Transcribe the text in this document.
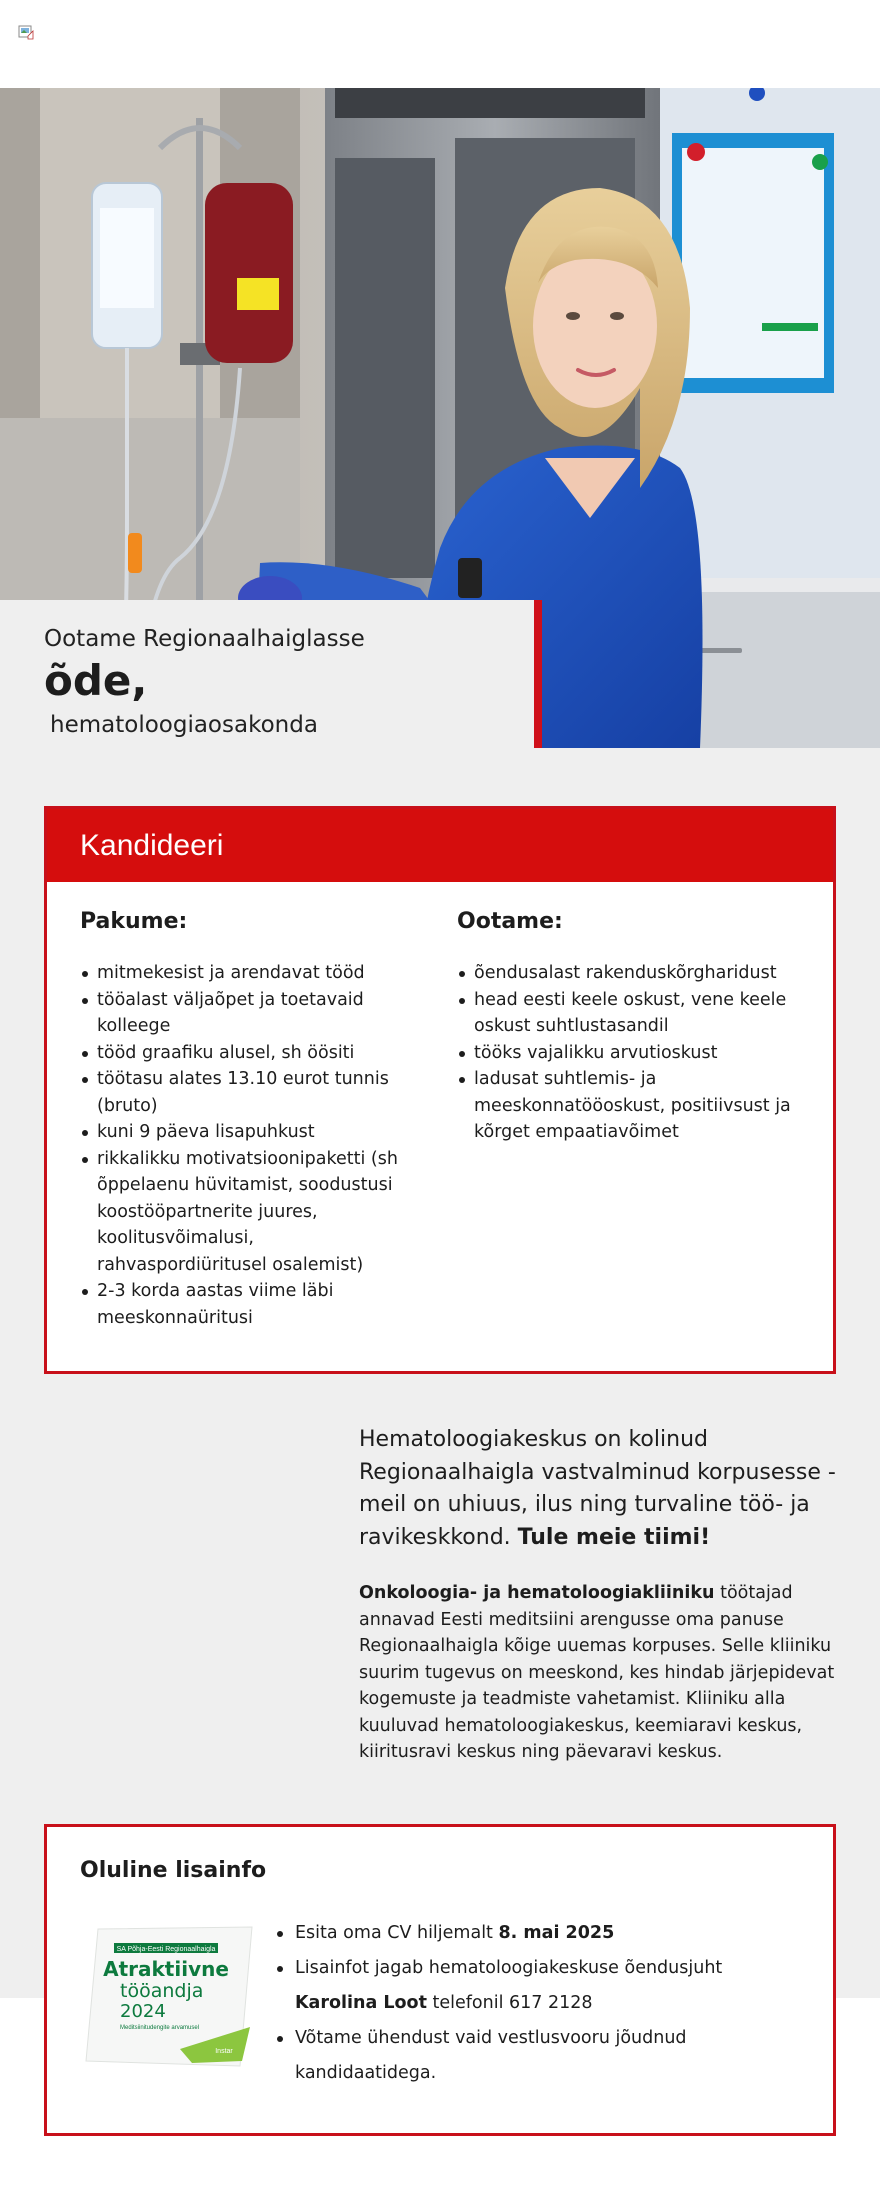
Ootame Regionaalhaiglasse
õde,
hematoloogiaosakonda
Kandideeri
Pakume:
mitmekesist ja arendavat tööd
tööalast väljaõpet ja toetavaid kolleege
tööd graafiku alusel, sh öösiti
töötasu alates 13.10 eurot tunnis (bruto)
kuni 9 päeva lisapuhkust
rikkalikku motivatsioonipaketti (sh õppelaenu hüvitamist, soodustusi koostööpartnerite juures, koolitusvõimalusi, rahvaspordiüritusel osalemist)
2-3 korda aastas viime läbi meeskonnaüritusi
Ootame:
õendusalast rakenduskõrgharidust
head eesti keele oskust, vene keele oskust suhtlustasandil
tööks vajalikku arvutioskust
ladusat suhtlemis- ja meeskonnatööoskust, positiivsust ja kõrget empaatiavõimet

Hematoloogiakeskus on kolinud Regionaalhaigla vastvalminud korpusesse - meil on uhiuus, ilus ning turvaline töö- ja ravikeskkond. Tule meie tiimi!

Onkoloogia- ja hematoloogiakliiniku töötajad annavad Eesti meditsiini arengusse oma panuse Regionaalhaigla kõige uuemas korpuses. Selle kliiniku suurim tugevus on meeskond, kes hindab järjepidevat kogemuste ja teadmiste vahetamist. Kliiniku alla kuuluvad hematoloogiakeskus, keemiaravi keskus, kiiritusravi keskus ning päevaravi keskus.

Oluline lisainfo
SA Põhja-Eesti Regionaalhaigla
Atraktiivne
tööandja
2024
Meditsiinitudengite arvamusel
Instar
Esita oma CV hiljemalt 8. mai 2025
Lisainfot jagab hematoloogiakeskuse õendusjuht Karolina Loot telefonil 617 2128
Võtame ühendust vaid vestlusvooru jõudnud kandidaatidega.
